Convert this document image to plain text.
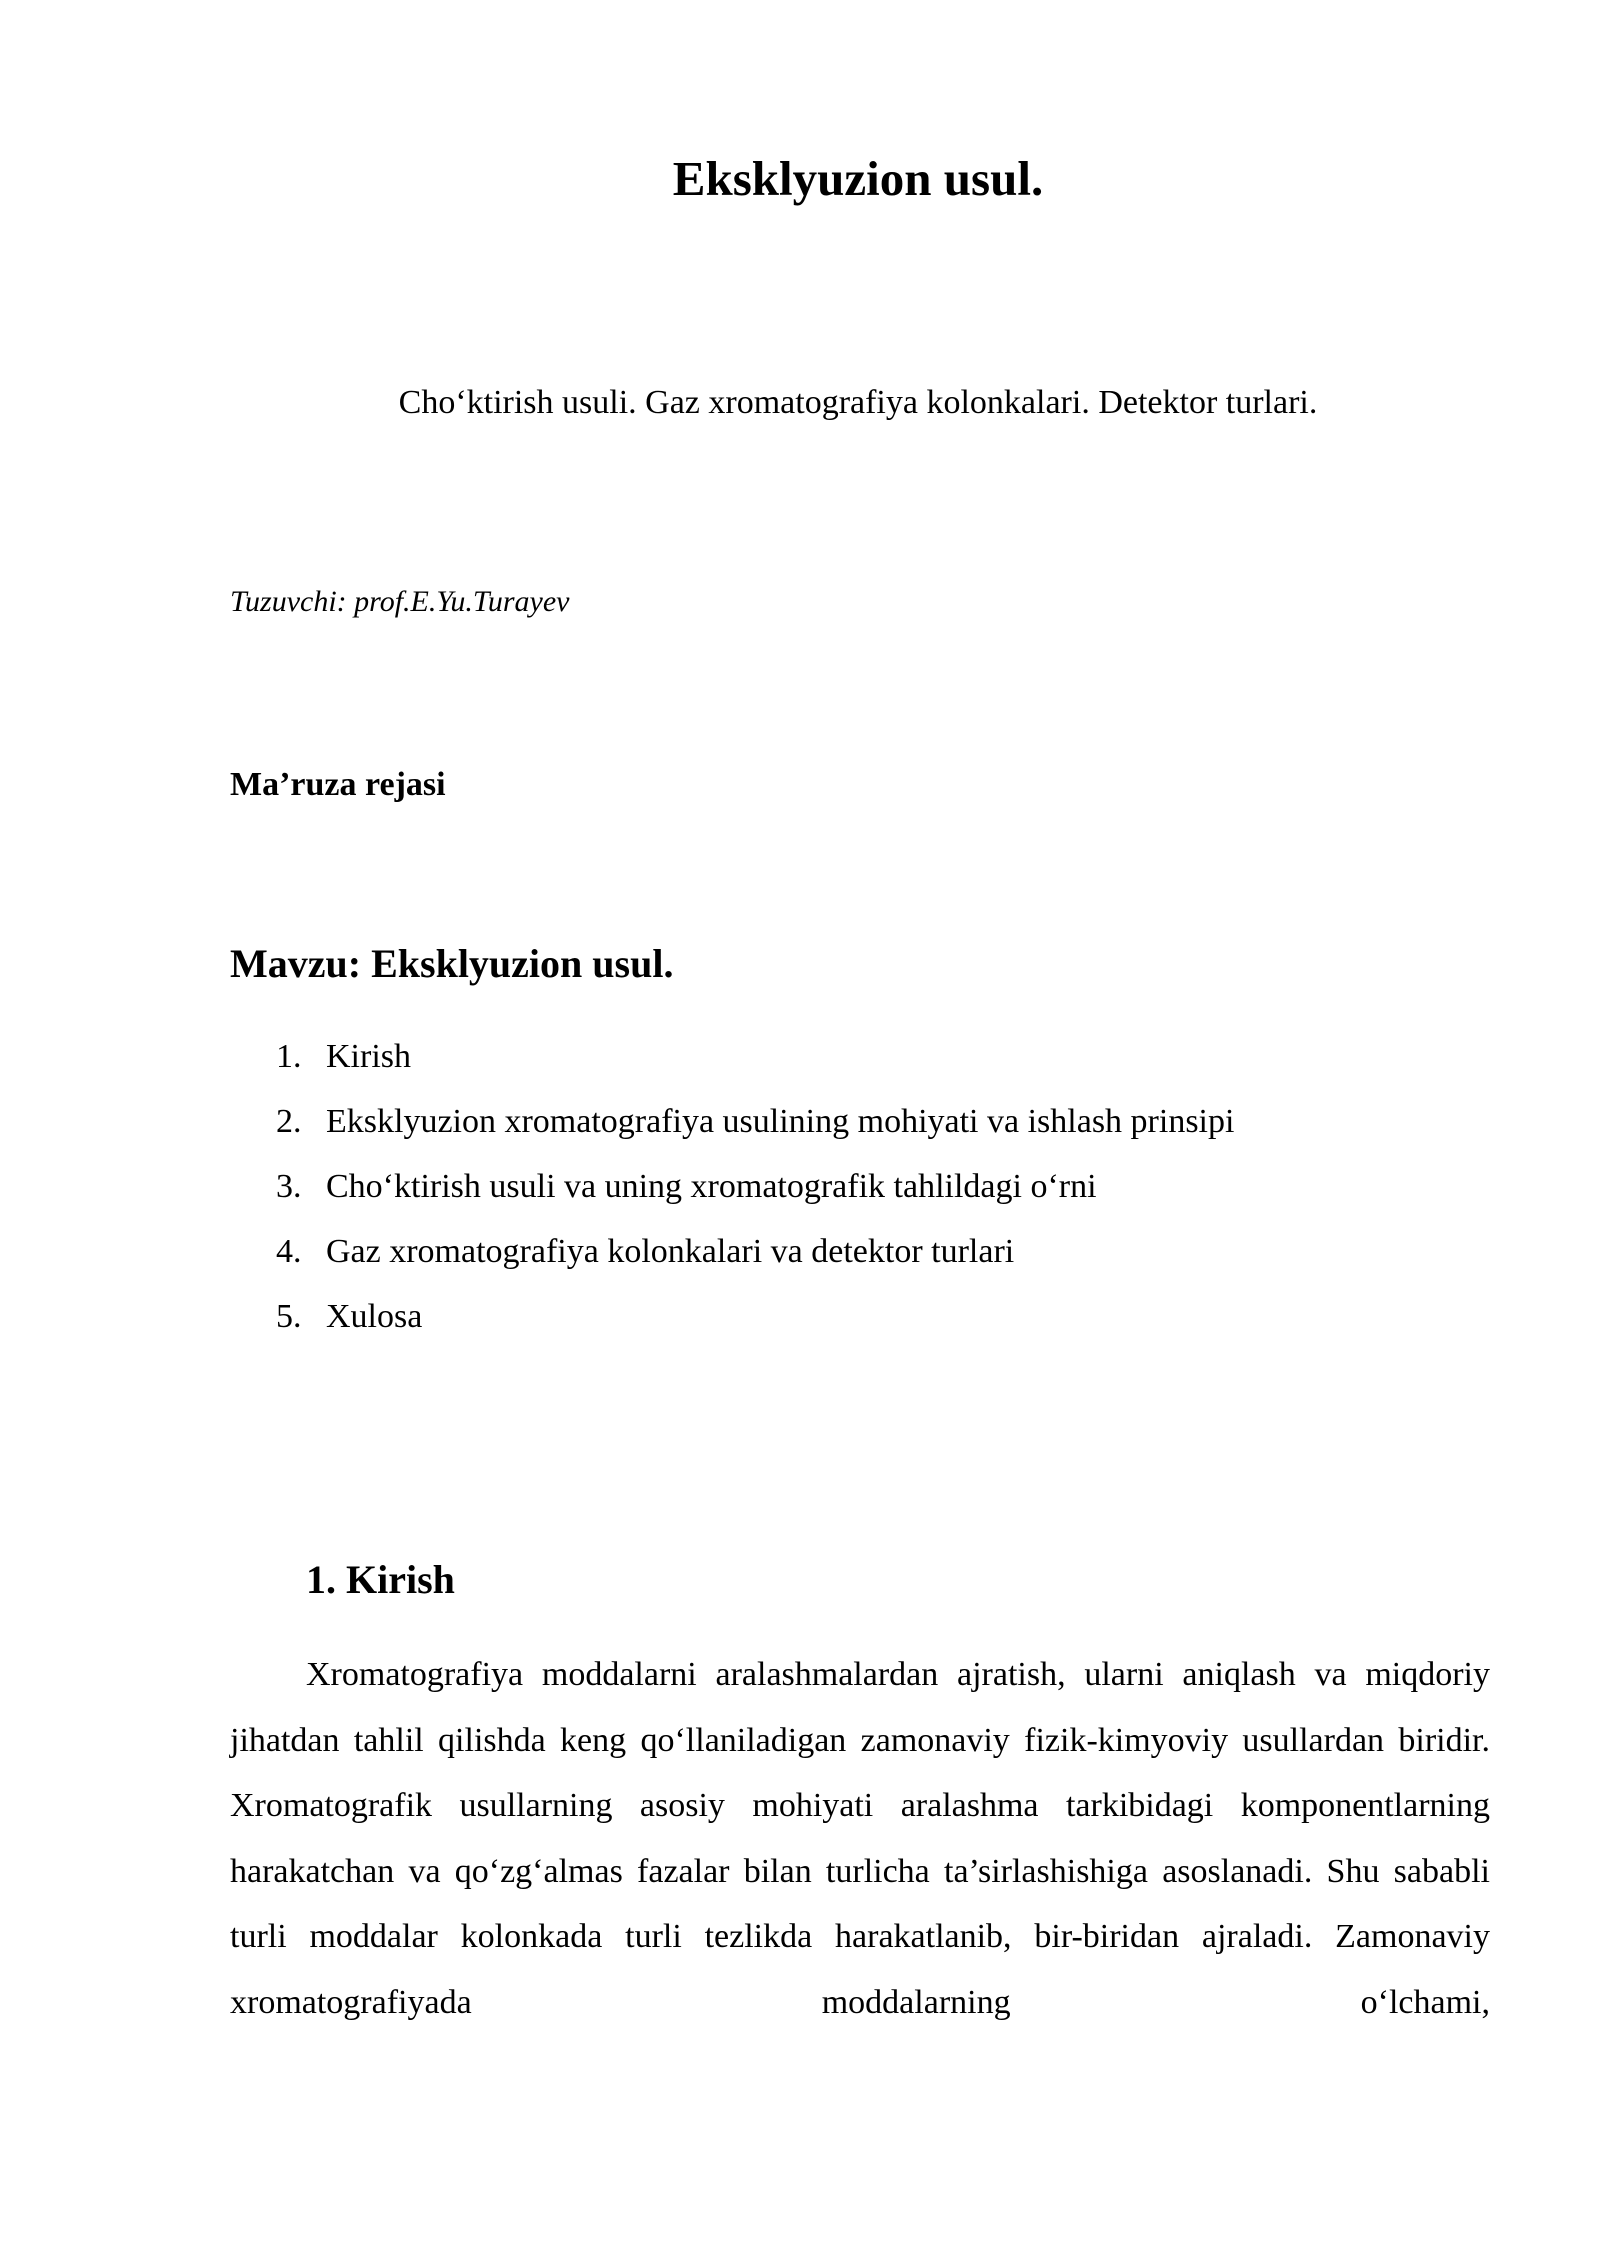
Eksklyuzion usul.

Cho‘ktirish usuli. Gaz xromatografiya kolonkalari. Detektor turlari.

Tuzuvchi: prof.E.Yu.Turayev

Ma’ruza rejasi

Mavzu: Eksklyuzion usul.
1. Kirish
2. Eksklyuzion xromatografiya usulining mohiyati va ishlash prinsipi
3. Cho‘ktirish usuli va uning xromatografik tahlildagi o‘rni
4. Gaz xromatografiya kolonkalari va detektor turlari
5. Xulosa
1. Kirish

Xromatografiya moddalarni aralashmalardan ajratish, ularni aniqlash va miqdoriy jihatdan tahlil qilishda keng qo‘llaniladigan zamonaviy fizik-kimyoviy usullardan biridir. Xromatografik usullarning asosiy mohiyati aralashma tarkibidagi komponentlarning harakatchan va qo‘zg‘almas fazalar bilan turlicha ta’sirlashishiga asoslanadi. Shu sababli turli moddalar kolonkada turli tezlikda harakatlanib, bir-biridan ajraladi. Zamonaviy xromatografiyada moddalarning o‘lchami,
